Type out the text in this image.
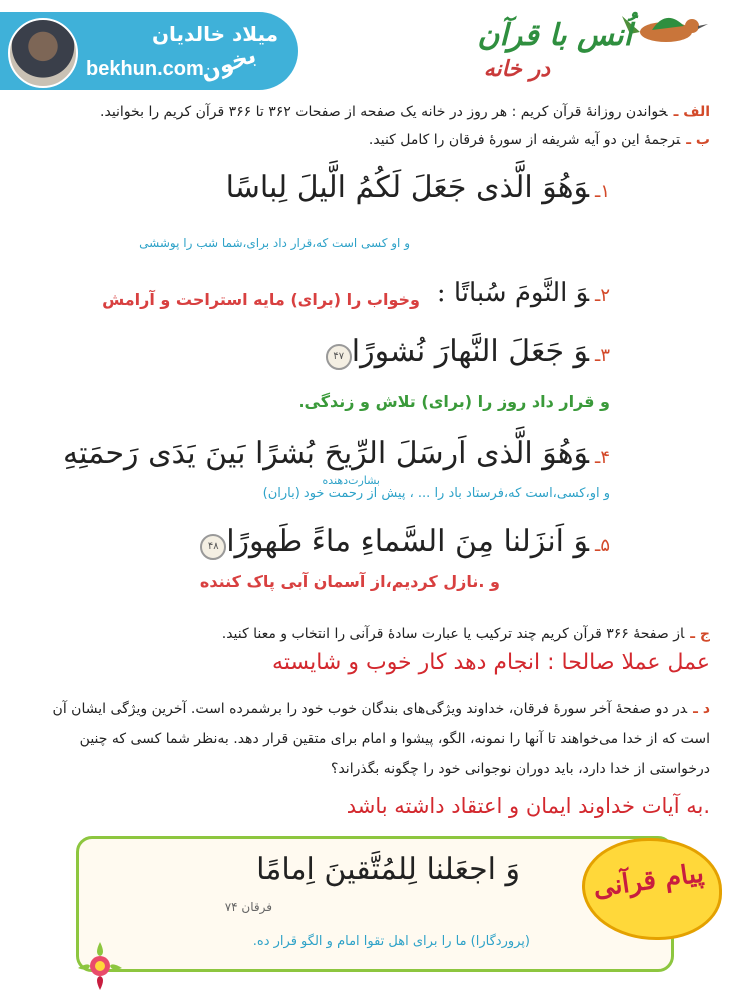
میلاد خالدیان
bekhun.com
بخون
اُنس با قرآن
در خانه
الف ـخواندن روزانهٔ قرآن کریم : هر روز در خانه یک صفحه از صفحات ۳۶۲ تا ۳۶۶ قرآن کریم را بخوانید.
ب ـترجمهٔ این دو آیه شریفه از سورهٔ فرقان را کامل کنید.
۱ـوَهُوَ الَّذی جَعَلَ لَكُمُ الَّیلَ لِباسًا
و او کسی است که،قرار داد برای،شما شب را پوششی
۲ـوَ النَّومَ سُباتًا :
وخواب را (برای) مایه استراحت و آرامش
۳ـوَ جَعَلَ النَّهارَ نُشورًا۴۷
و قرار داد روز را (برای) تلاش و زندگی.
۴ـوَهُوَ الَّذی اَرسَلَ الرِّیحَ بُشرًا بَینَ یَدَی رَحمَتِهِ
بشارت‌دهنده
و او،کسی،است که،فرستاد باد را ... ، پیش از رحمت خود (باران)
۵ـوَ اَنزَلنا مِنَ السَّماءِ ماءً طَهورًا۴۸
و .نازل کردیم،از آسمان آبی پاک کننده
ج ـاز صفحهٔ ۳۶۶ قرآن کریم چند ترکیب یا عبارت سادهٔ قرآنی را انتخاب و معنا کنید.
عمل عملا صالحا : انجام دهد کار خوب و شایسته
د ـدر دو صفحهٔ آخر سورهٔ فرقان، خداوند ویژگی‌های بندگان خوب خود را برشمرده است. آخرین ویژگی ایشان آن است که از خدا می‌خواهند تا آنها را نمونه، الگو، پیشوا و امام برای متقین قرار دهد. به‌نظر شما کسی که چنین درخواستی از خدا دارد، باید دوران نوجوانی خود را چگونه بگذراند؟
.به آیات خداوند ایمان و اعتقاد داشته باشد
پیام قرآنی
وَ اجعَلنا لِلمُتَّقینَ اِمامًا
فرقان ۷۴
(پروردگارا) ما را برای اهل تقوا امام و الگو قرار ده.
